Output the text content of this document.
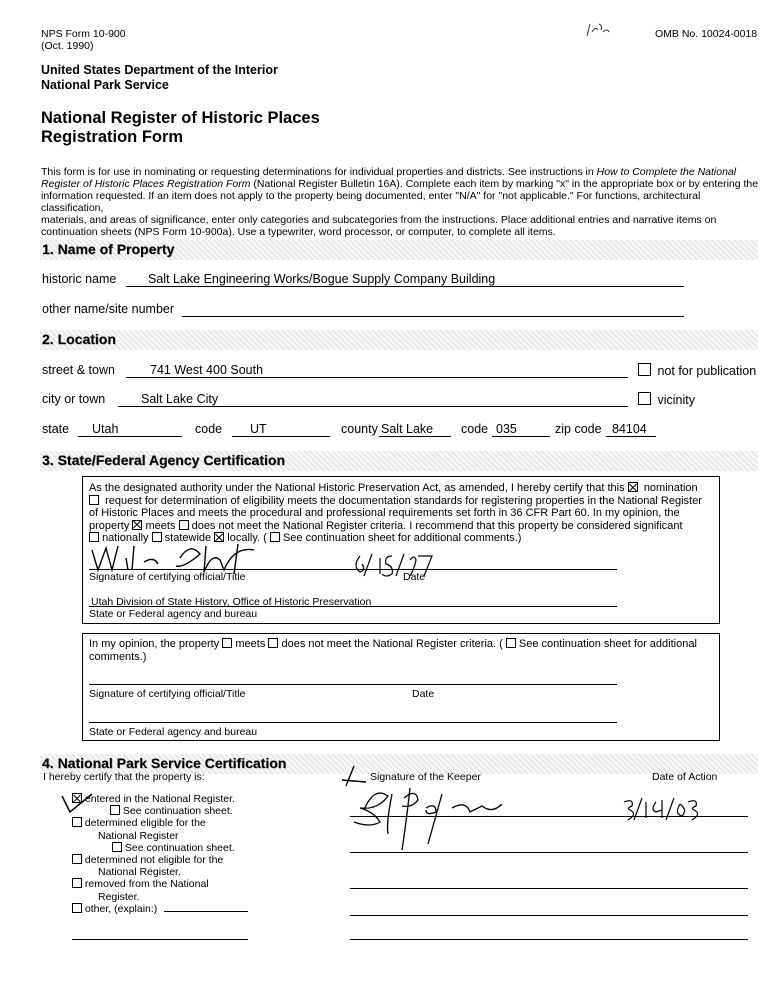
NPS Form 10-900
(Oct. 1990)
OMB No. 10024-0018
United States Department of the Interior
National Park Service
National Register of Historic Places
Registration Form
This form is for use in nominating or requesting determinations for individual properties and districts. See instructions in How to Complete the National
Register of Historic Places Registration Form (National Register Bulletin 16A). Complete each item by marking "x" in the appropriate box or by entering the
information requested. If an item does not apply to the property being documented, enter "N/A" for "not applicable." For functions, architectural classification,
materials, and areas of significance, enter only categories and subcategories from the instructions. Place additional entries and narrative items on
continuation sheets (NPS Form 10-900a). Use a typewriter, word processor, or computer, to complete all items.
1. Name of Property
historic name	Salt Lake Engineering Works/Bogue Supply Company Building
other name/site number
2. Location
street & town	741 West 400 South	not for publication
city or town	Salt Lake City	vicinity
state Utah	code UT	county Salt Lake code 035	zip code 84104
3. State/Federal Agency Certification
As the designated authority under the National Historic Preservation Act, as amended, I hereby certify that this nomination
request for determination of eligibility meets the documentation standards for registering properties in the National Register
of Historic Places and meets the procedural and professional requirements set forth in 36 CFR Part 60. In my opinion, the
property meets does not meet the National Register criteria. I recommend that this property be considered significant
nationally statewide locally. ( See continuation sheet for additional comments.)
Signature of certifying official/Title	Date
Utah Division of State History, Office of Historic Preservation
State or Federal agency and bureau
In my opinion, the property meets does not meet the National Register criteria. ( See continuation sheet for additional
comments.)
Signature of certifying official/Title	Date
State or Federal agency and bureau
4. National Park Service Certification
I hereby certify that the property is:	Signature of the Keeper	Date of Action
entered in the National Register.
See continuation sheet.
determined eligible for the
National Register
See continuation sheet.
determined not eligible for the
National Register.
removed from the National
Register.
other, (explain:)
